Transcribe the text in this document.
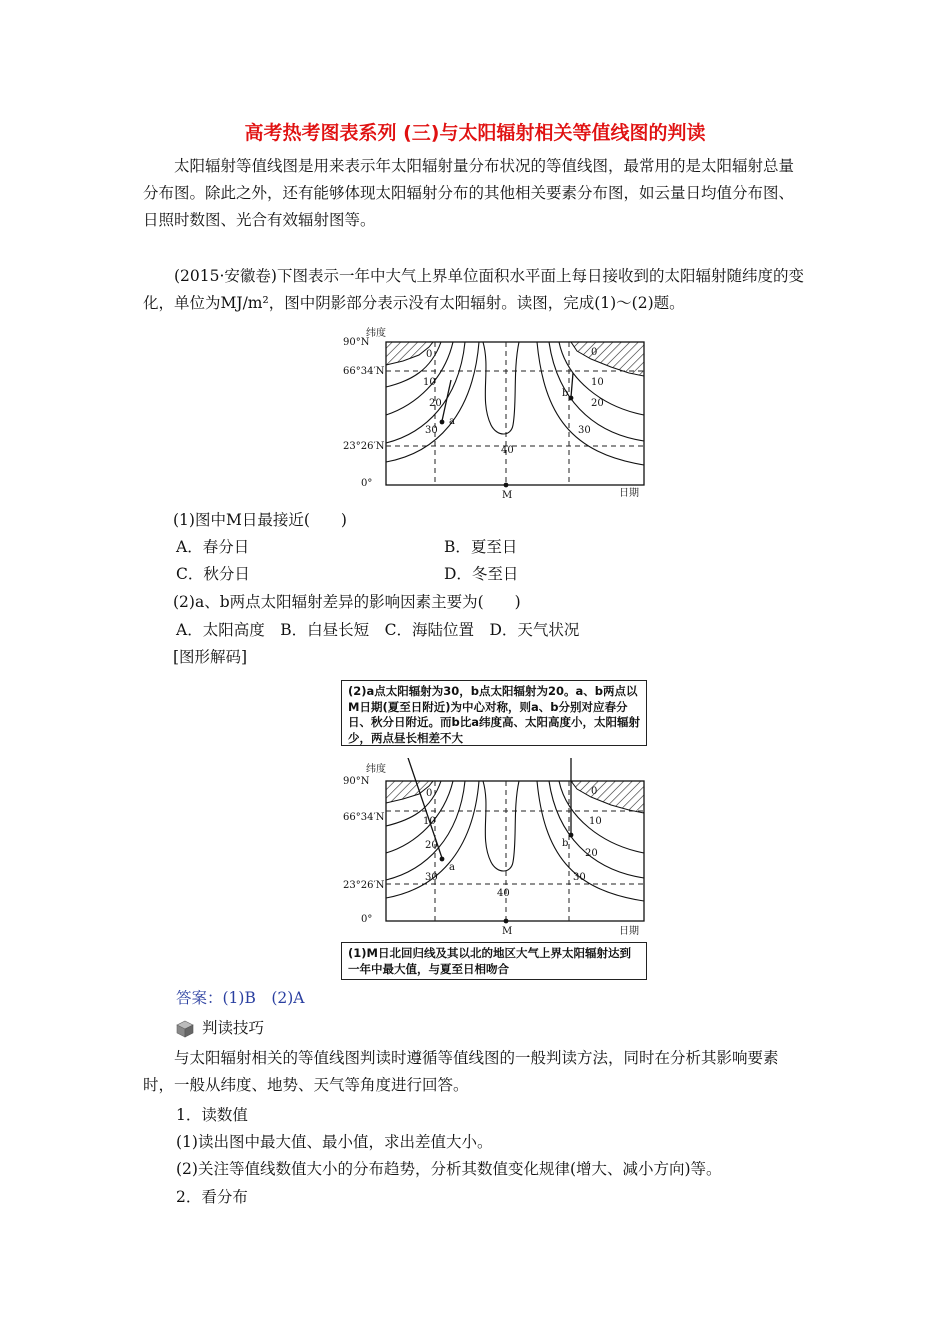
高考热考图表系列 (三)与太阳辐射相关等值线图的判读

太阳辐射等值线图是用来表示年太阳辐射量分布状况的等值线图，最常用的是太阳辐射总量分布图。除此之外，还有能够体现太阳辐射分布的其他相关要素分布图，如云量日均值分布图、日照时数图、光合有效辐射图等。

(2015·安徽卷)下图表示一年中大气上界单位面积水平面上每日接收到的太阳辐射随纬度的变化，单位为MJ/m²，图中阴影部分表示没有太阳辐射。读图，完成(1)～(2)题。

0
10
20
30
40
0
10
20
30
a
b
90°N
66°34′N
23°26′N
0°
M
纬度
日期
(1)图中M日最接近(　　)
A．春分日	B．夏至日
C．秋分日	D．冬至日
(2)a、b两点太阳辐射差异的影响因素主要为(　　)
A．太阳高度　B．白昼长短　C．海陆位置　D．天气状况
[图形解码]
(2)a点太阳辐射为30，b点太阳辐射为20。a、b两点以M日期(夏至日附近)为中心对称，则a、b分别对应春分日、秋分日附近。而b比a纬度高、太阳高度小，太阳辐射少，两点昼长相差不大
0
10
20
30
40
0
10
20
30
a
b
90°N
66°34′N
23°26′N
0°
M
纬度
日期
(1)M日北回归线及其以北的地区大气上界太阳辐射达到一年中最大值，与夏至日相吻合
答案：(1)B　(2)A
判读技巧

与太阳辐射相关的等值线图判读时遵循等值线图的一般判读方法，同时在分析其影响要素时，一般从纬度、地势、天气等角度进行回答。

1．读数值
(1)读出图中最大值、最小值，求出差值大小。
(2)关注等值线数值大小的分布趋势，分析其数值变化规律(增大、减小方向)等。
2．看分布
